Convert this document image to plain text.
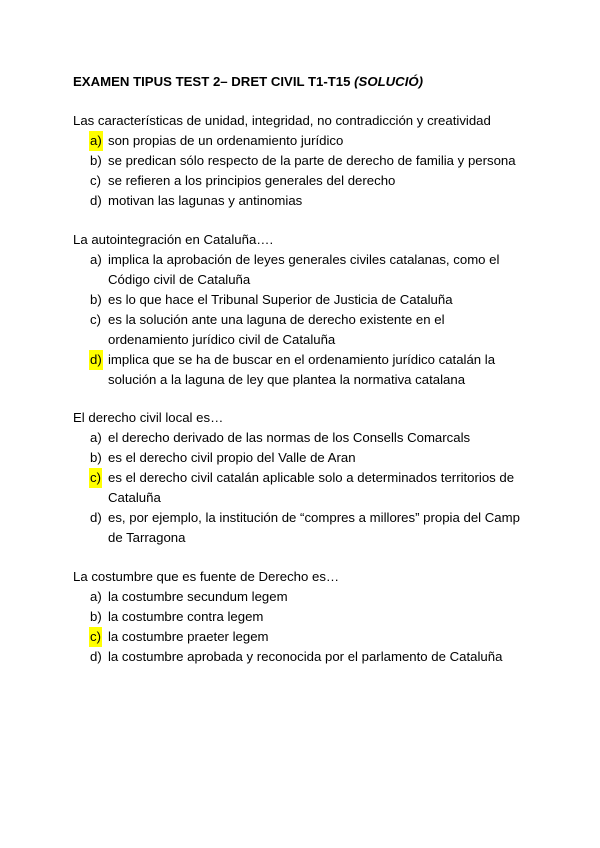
EXAMEN TIPUS TEST 2– DRET CIVIL T1-T15 (SOLUCIÓ)
Las características de unidad, integridad, no contradicción y creatividad
a) son propias de un ordenamiento jurídico
b) se predican sólo respecto de la parte de derecho de familia y persona
c) se refieren a los principios generales del derecho
d) motivan las lagunas y antinomias
La autointegración en Cataluña….
a) implica la aprobación de leyes generales civiles catalanas, como el Código civil de Cataluña
b) es lo que hace el Tribunal Superior de Justicia de Cataluña
c) es la solución ante una laguna de derecho existente en el ordenamiento jurídico civil de Cataluña
d) implica que se ha de buscar en el ordenamiento jurídico catalán la solución a la laguna de ley que plantea la normativa catalana
El derecho civil local es…
a) el derecho derivado de las normas de los Consells Comarcals
b) es el derecho civil propio del Valle de Aran
c) es el derecho civil catalán aplicable solo a determinados territorios de Cataluña
d) es, por ejemplo, la institución de “compres a millores” propia del Camp de Tarragona
La costumbre que es fuente de Derecho es…
a) la costumbre secundum legem
b) la costumbre contra legem
c) la costumbre praeter legem
d) la costumbre aprobada y reconocida por el parlamento de Cataluña
